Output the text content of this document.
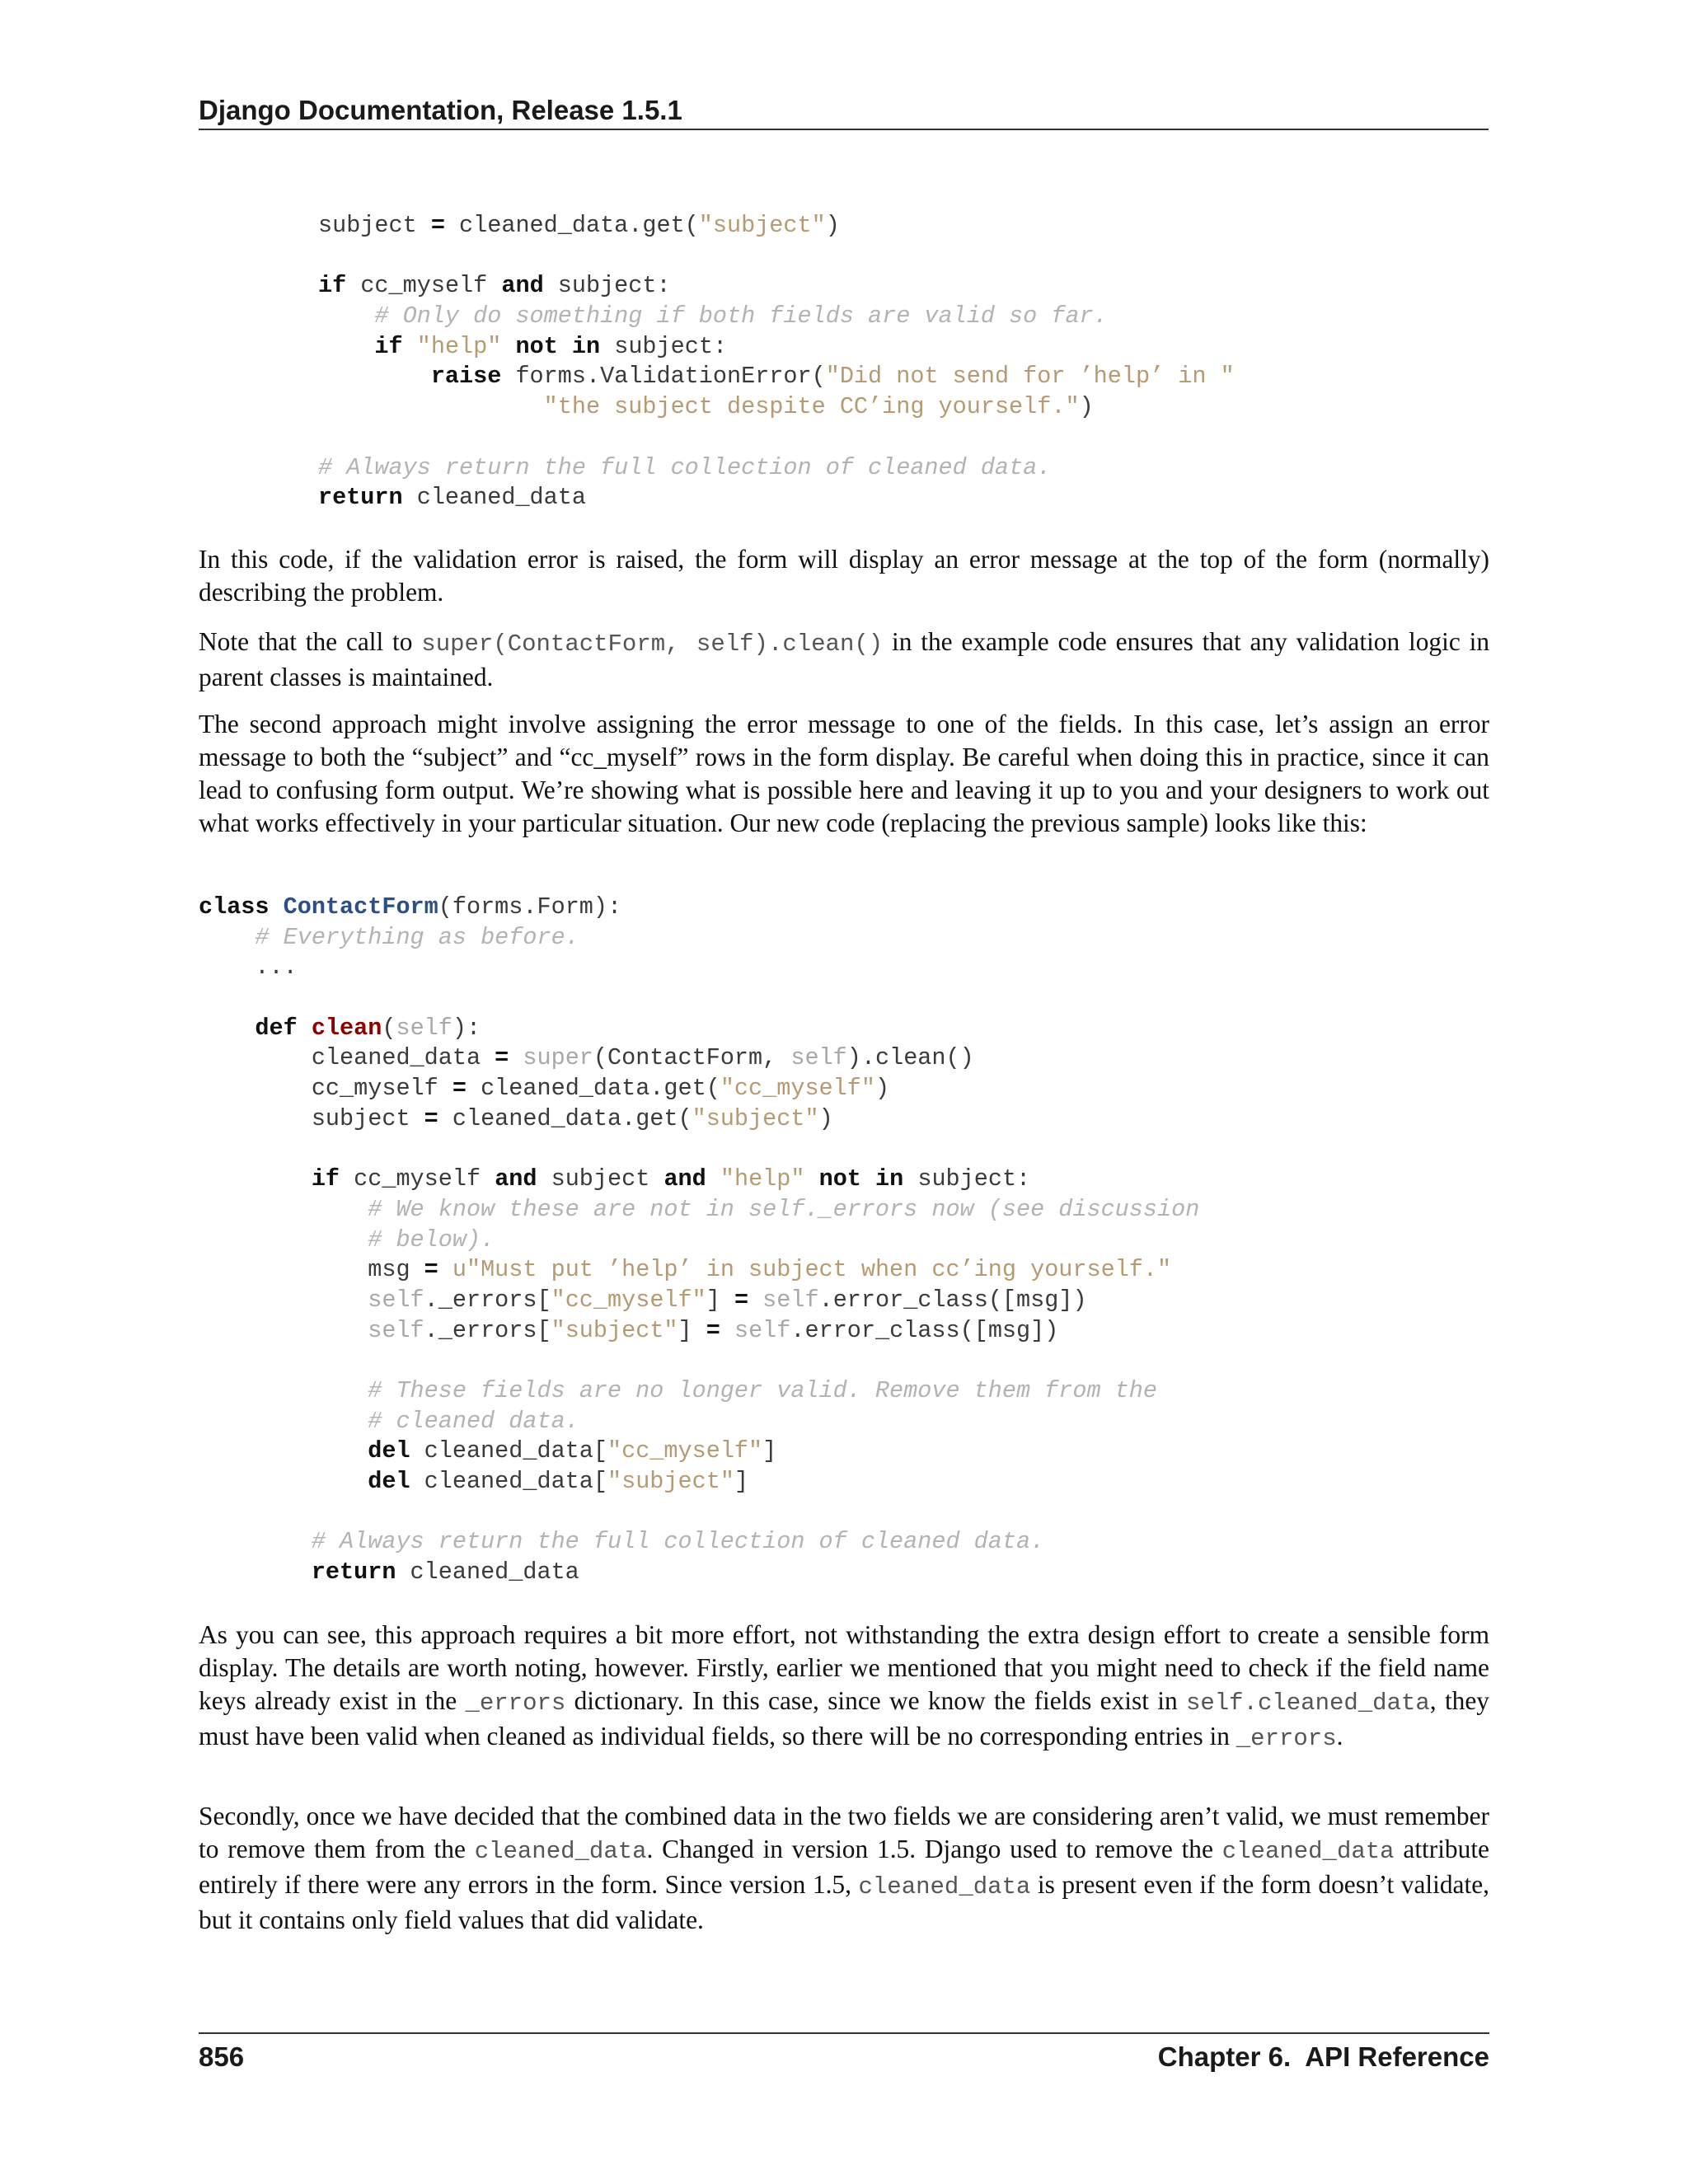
Django Documentation, Release 1.5.1
subject = cleaned_data.get("subject")
if cc_myself and subject:
# Only do something if both fields are valid so far.
if "help" not in subject:
raise forms.ValidationError("Did not send for ’help’ in "
"the subject despite CC’ing yourself.")
# Always return the full collection of cleaned data.
return cleaned_data

In this code, if the validation error is raised, the form will display an error message at the top of the form (normally) describing the problem.

Note that the call to super(ContactForm, self).clean() in the example code ensures that any validation logic in parent classes is maintained.

The second approach might involve assigning the error message to one of the fields. In this case, let’s assign an error message to both the “subject” and “cc_myself” rows in the form display. Be careful when doing this in practice, since it can lead to confusing form output. We’re showing what is possible here and leaving it up to you and your designers to work out what works effectively in your particular situation. Our new code (replacing the previous sample) looks like this:

class ContactForm(forms.Form):
# Everything as before.
...
def clean(self):
cleaned_data = super(ContactForm, self).clean()
cc_myself = cleaned_data.get("cc_myself")
subject = cleaned_data.get("subject")
if cc_myself and subject and "help" not in subject:
# We know these are not in self._errors now (see discussion
# below).
msg = u"Must put ’help’ in subject when cc’ing yourself."
self._errors["cc_myself"] = self.error_class([msg])
self._errors["subject"] = self.error_class([msg])
# These fields are no longer valid. Remove them from the
# cleaned data.
del cleaned_data["cc_myself"]
del cleaned_data["subject"]
# Always return the full collection of cleaned data.
return cleaned_data

As you can see, this approach requires a bit more effort, not withstanding the extra design effort to create a sensible form display. The details are worth noting, however. Firstly, earlier we mentioned that you might need to check if the field name keys already exist in the _errors dictionary. In this case, since we know the fields exist in self.cleaned_data, they must have been valid when cleaned as individual fields, so there will be no corresponding entries in _errors.

Secondly, once we have decided that the combined data in the two fields we are considering aren’t valid, we must remember to remove them from the cleaned_data. Changed in version 1.5. Django used to remove the cleaned_data attribute entirely if there were any errors in the form. Since version 1.5, cleaned_data is present even if the form doesn’t validate, but it contains only field values that did validate.

856	Chapter 6.  API Reference
